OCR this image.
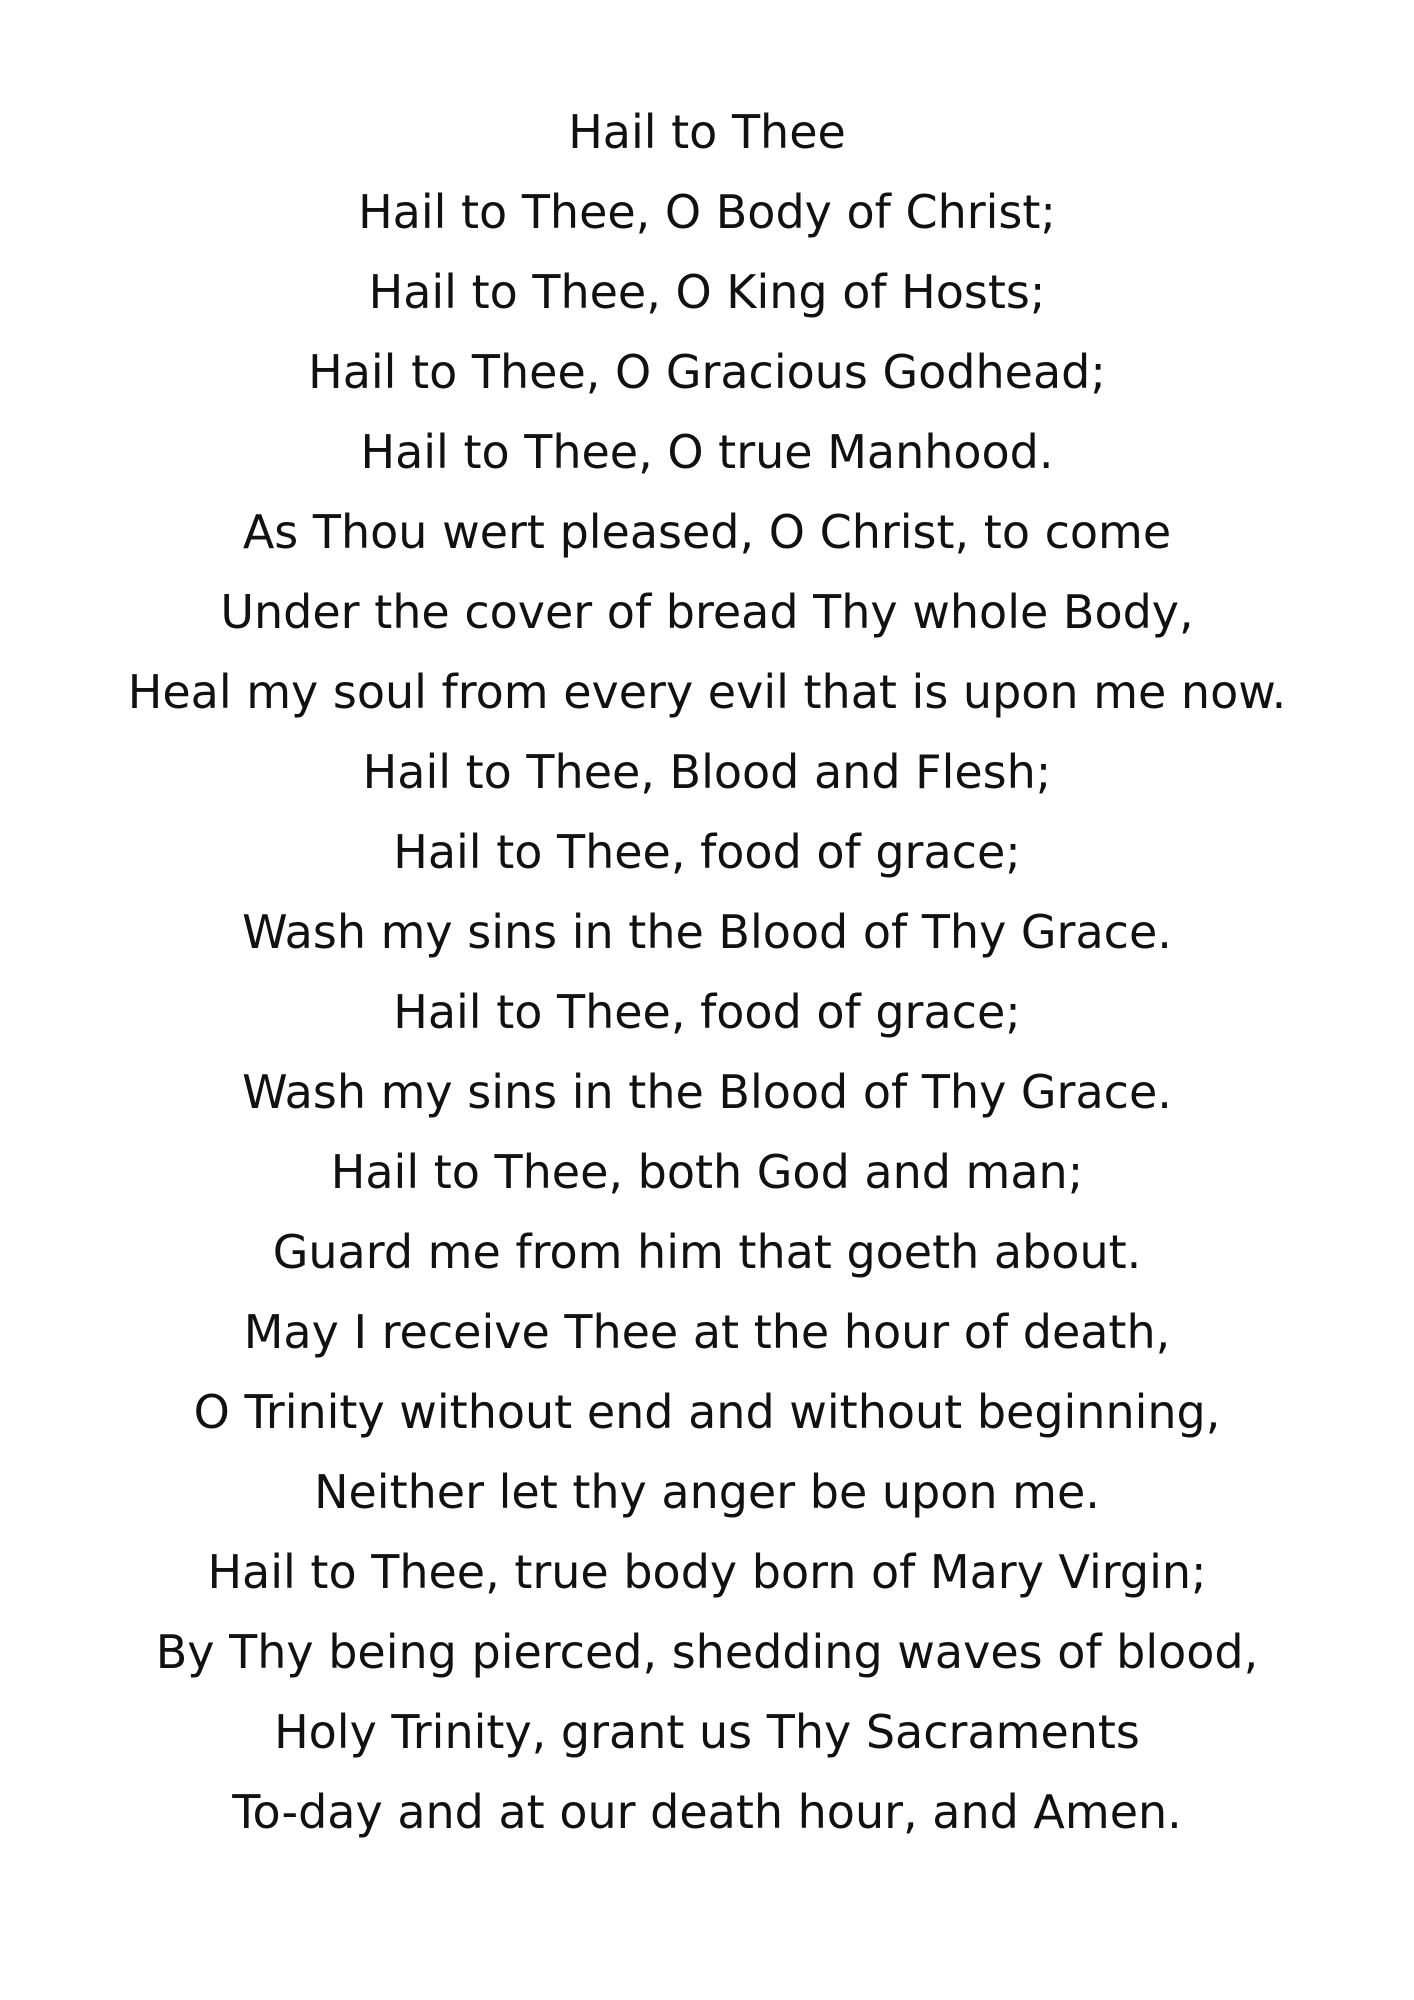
Hail to Thee
Hail to Thee, O Body of Christ;
Hail to Thee, O King of Hosts;
Hail to Thee, O Gracious Godhead;
Hail to Thee, O true Manhood.
As Thou wert pleased, O Christ, to come
Under the cover of bread Thy whole Body,
Heal my soul from every evil that is upon me now.
Hail to Thee, Blood and Flesh;
Hail to Thee, food of grace;
Wash my sins in the Blood of Thy Grace.
Hail to Thee, food of grace;
Wash my sins in the Blood of Thy Grace.
Hail to Thee, both God and man;
Guard me from him that goeth about.
May I receive Thee at the hour of death,
O Trinity without end and without beginning,
Neither let thy anger be upon me.
Hail to Thee, true body born of Mary Virgin;
By Thy being pierced, shedding waves of blood,
Holy Trinity, grant us Thy Sacraments
To-day and at our death hour, and Amen.
